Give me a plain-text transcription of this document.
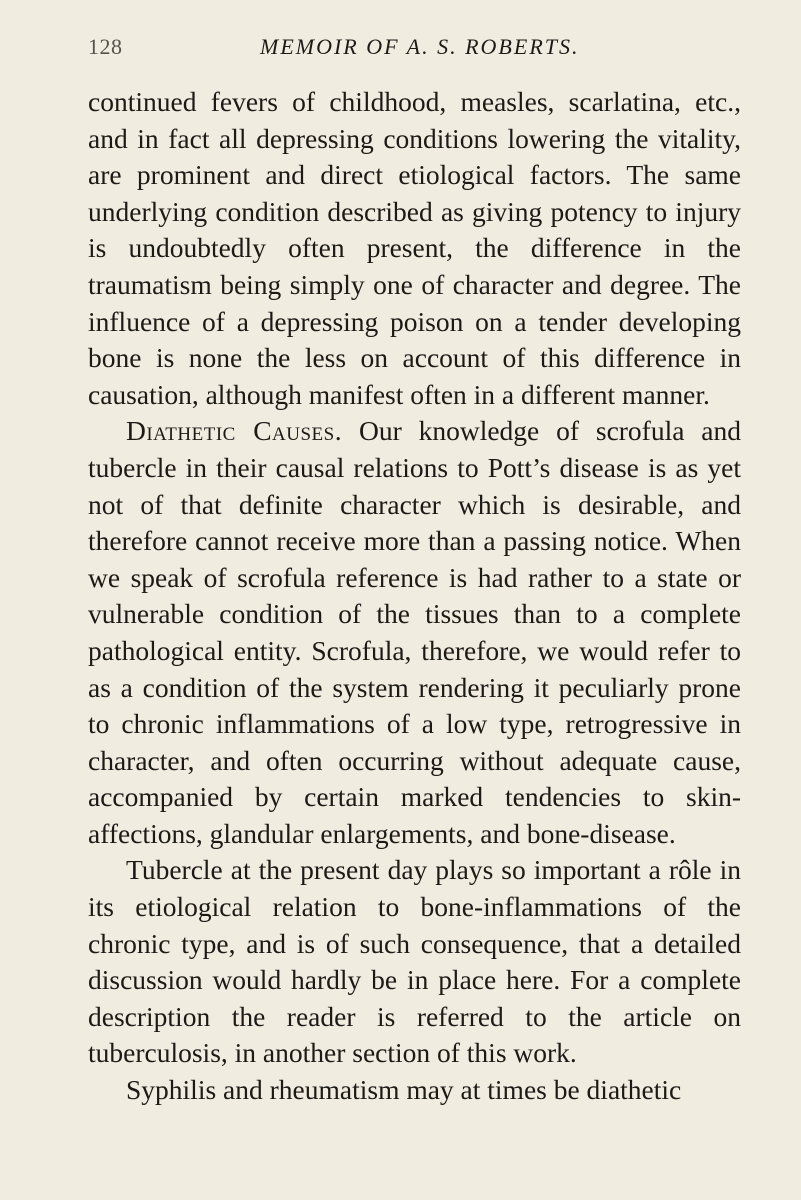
128	MEMOIR OF A. S. ROBERTS.

continued fevers of childhood, measles, scarlatina, etc., and in fact all depressing conditions lowering the vitality, are prominent and direct etiological factors. The same underlying condition described as giving potency to injury is undoubtedly often present, the difference in the traumatism being simply one of character and degree. The influence of a depressing poison on a tender developing bone is none the less on account of this difference in causation, although manifest often in a different manner.

Diathetic Causes. Our knowledge of scrofula and tubercle in their causal relations to Pott’s disease is as yet not of that definite character which is desirable, and therefore cannot receive more than a passing notice. When we speak of scrofula reference is had rather to a state or vulnerable condition of the tissues than to a complete pathological entity. Scrofula, therefore, we would refer to as a condition of the system rendering it peculiarly prone to chronic inflammations of a low type, retrogressive in character, and often occurring without adequate cause, accompanied by certain marked tendencies to skin-affections, glandular enlargements, and bone-disease.

Tubercle at the present day plays so important a rôle in its etiological relation to bone-inflammations of the chronic type, and is of such consequence, that a detailed discussion would hardly be in place here. For a complete description the reader is referred to the article on tuberculosis, in another section of this work.

Syphilis and rheumatism may at times be diathetic
